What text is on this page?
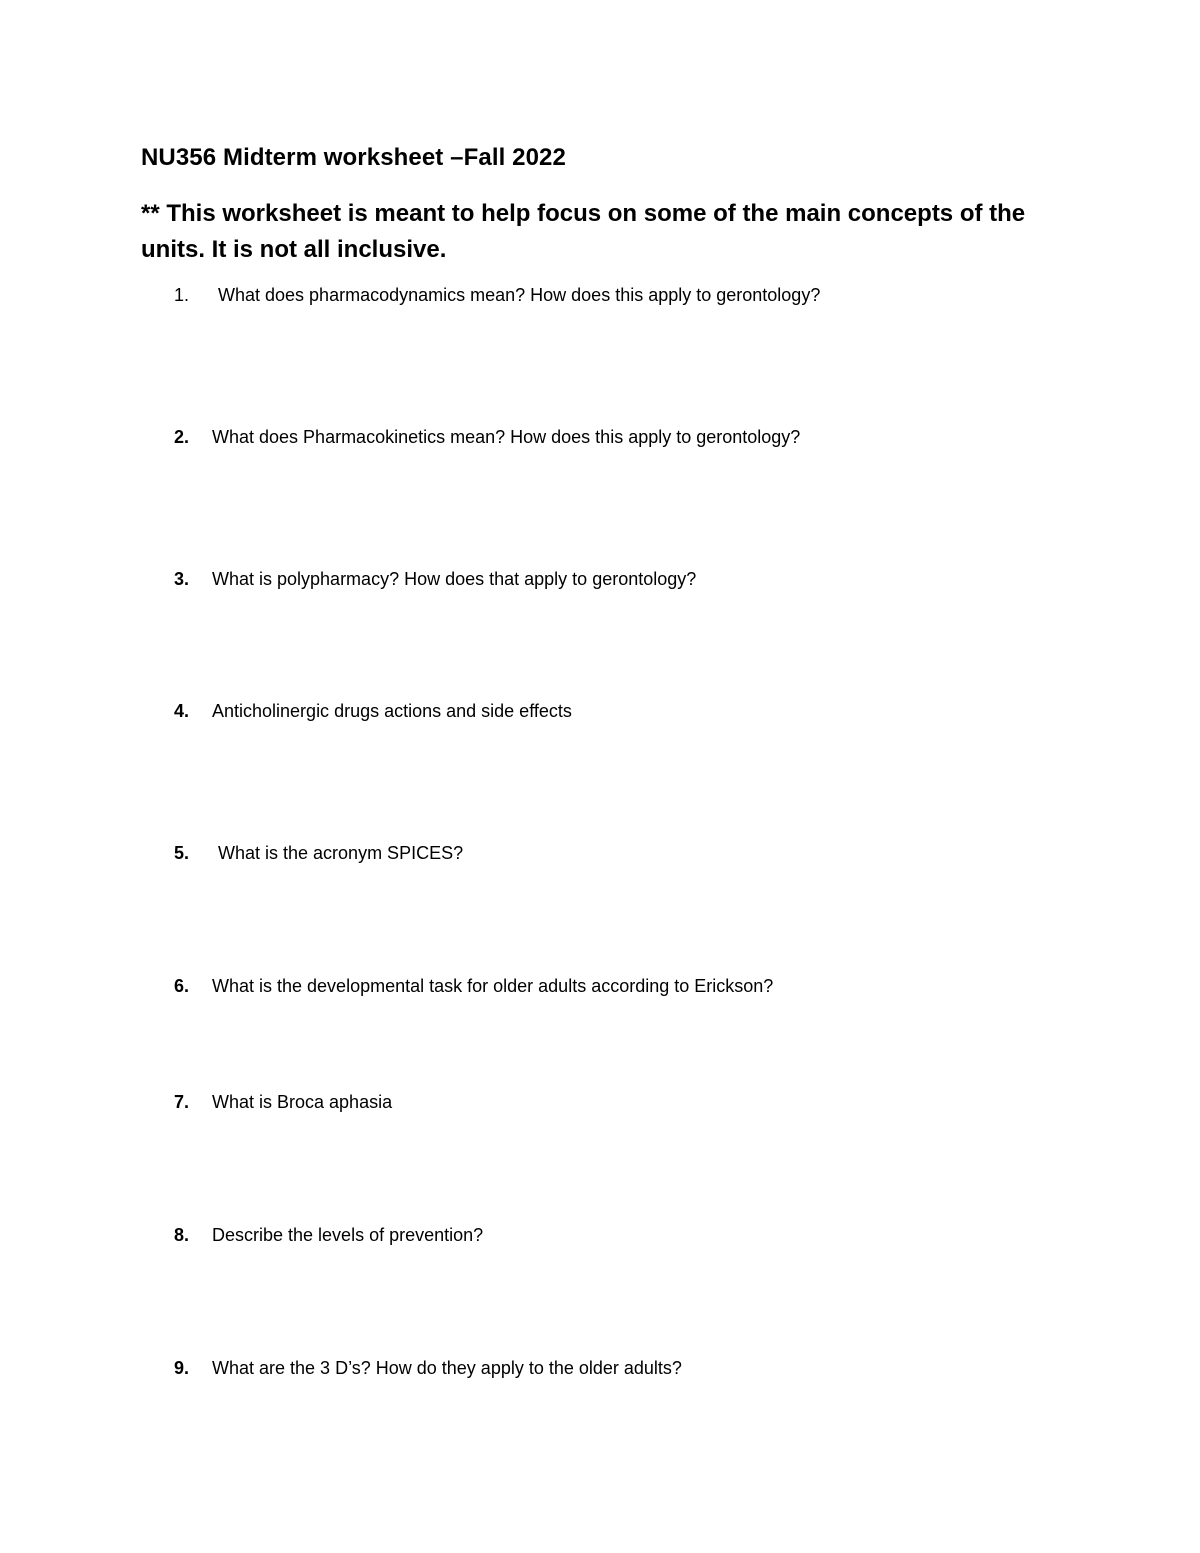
NU356 Midterm worksheet –Fall 2022
** This worksheet is meant to help focus on some of the main concepts of the units. It is not all inclusive.
1.	What does pharmacodynamics mean? How does this apply to gerontology?
2.	What does Pharmacokinetics mean? How does this apply to gerontology?
3.	What is polypharmacy? How does that apply to gerontology?
4.	Anticholinergic drugs actions and side effects
5.	What is the acronym SPICES?
6.	What is the developmental task for older adults according to Erickson?
7.	What is Broca aphasia
8.	Describe the levels of prevention?
9.	What are the 3 D’s? How do they apply to the older adults?
